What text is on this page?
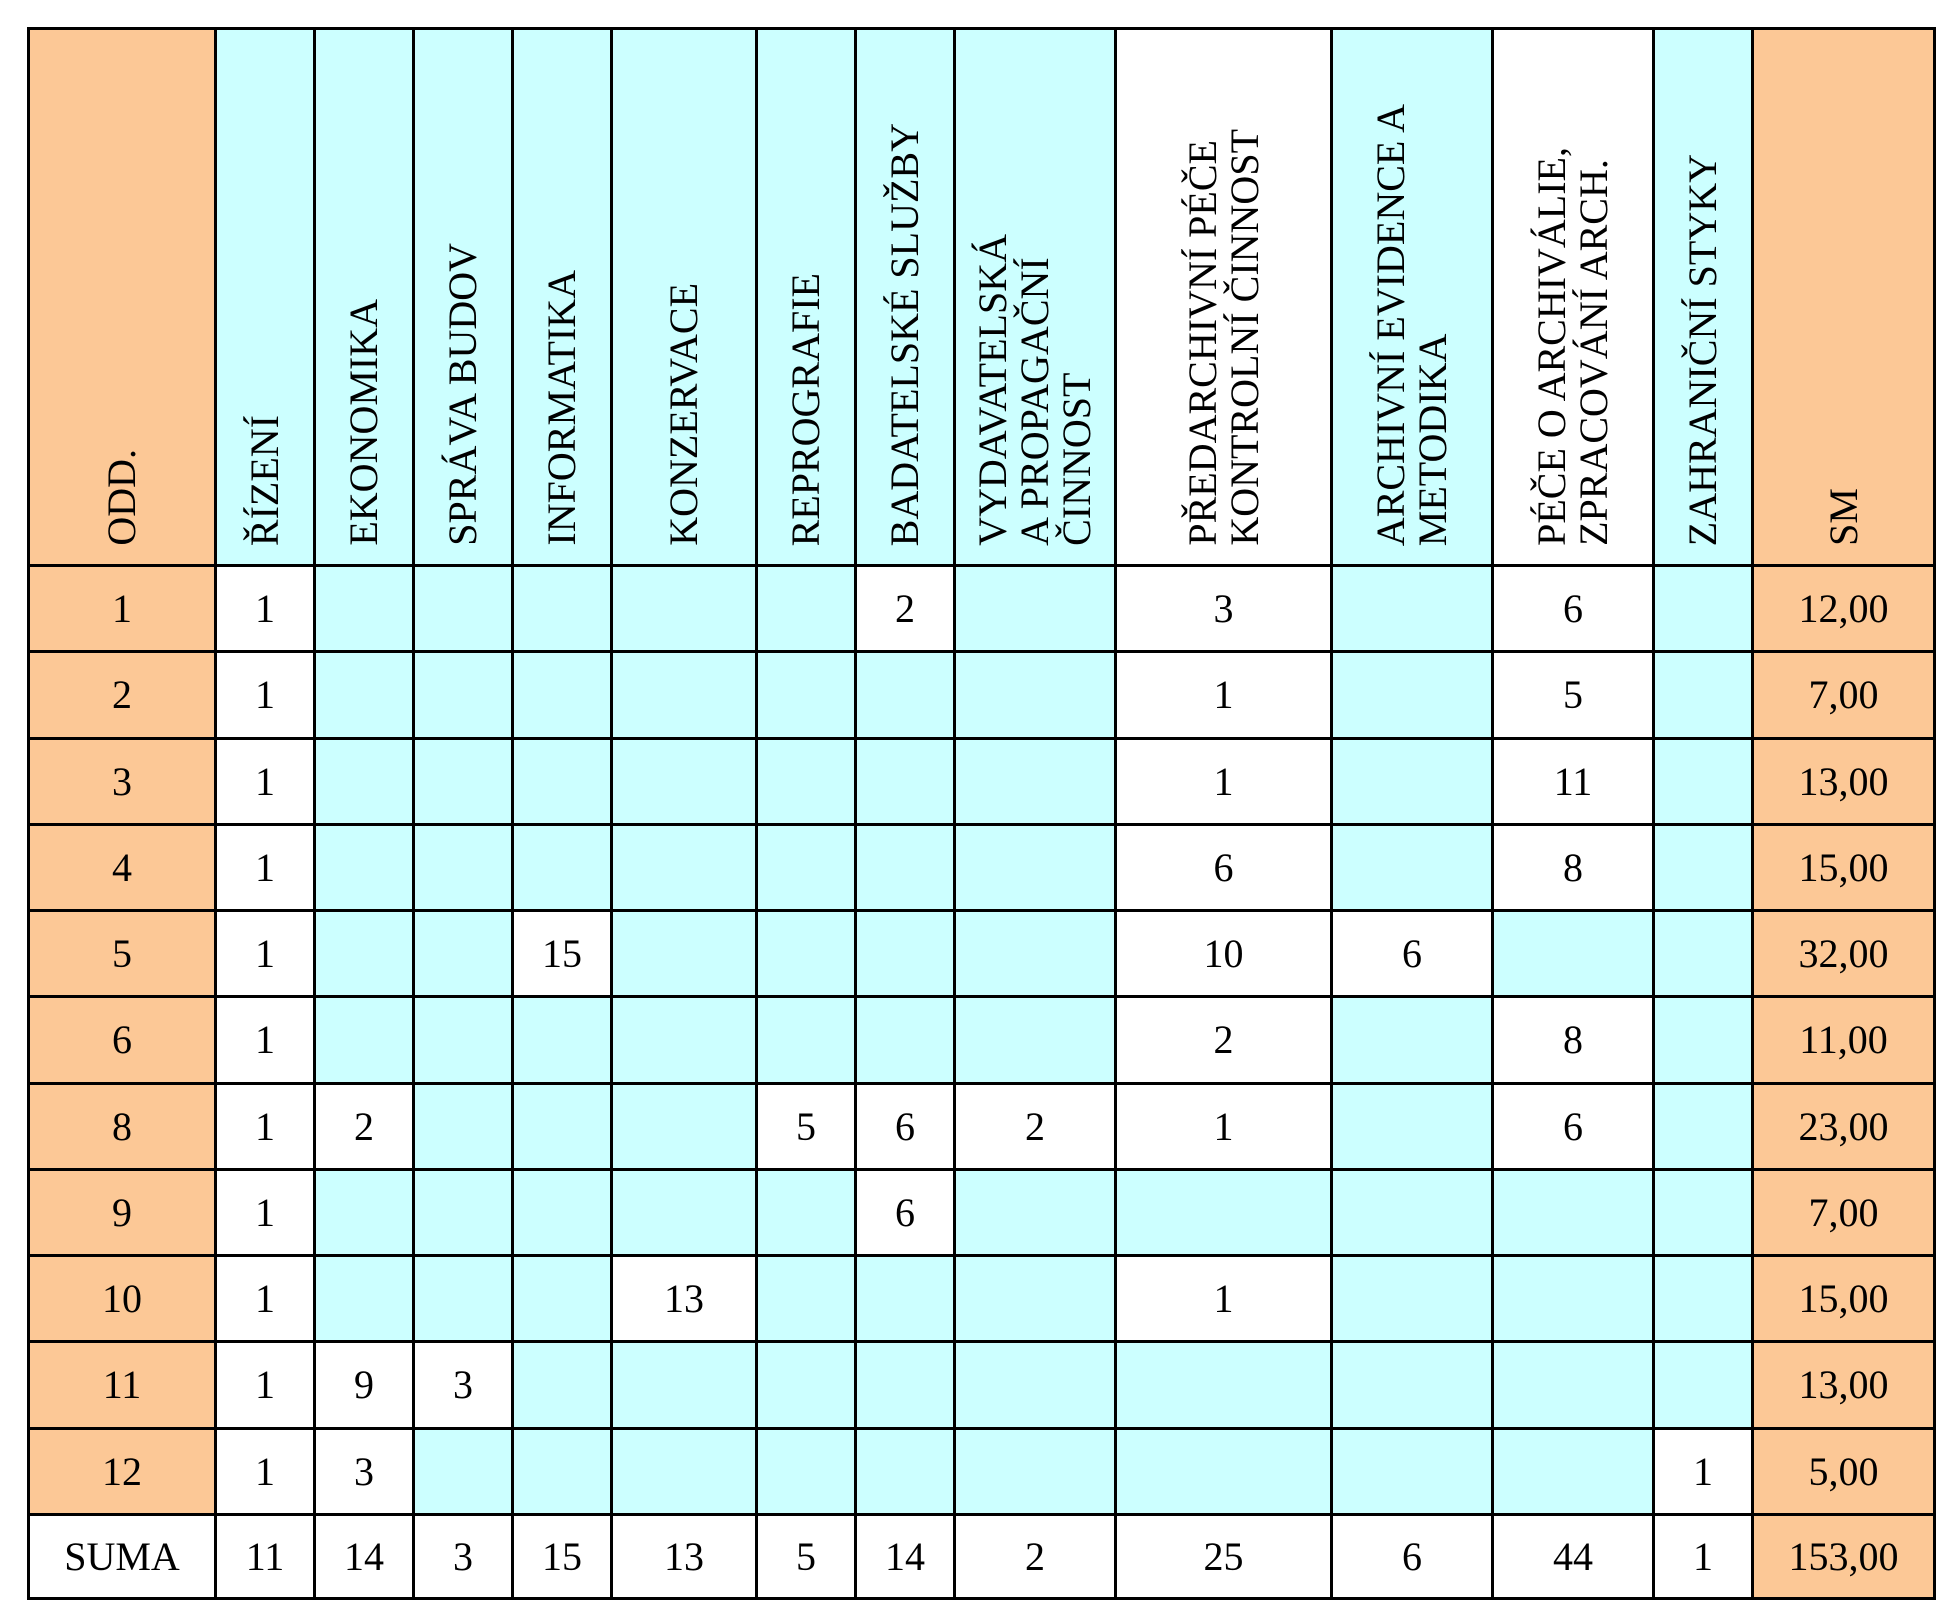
ODD.	ŘÍZENÍ	EKONOMIKA	SPRÁVA BUDOV	INFORMATIKA	KONZERVACE	REPROGRAFIE	BADATELSKÉ SLUŽBY	VYDAVATELSKÁ
A PROPAGAČNÍ
ČINNOST	PŘEDARCHIVNÍ PÉČE
KONTROLNÍ ČINNOST	ARCHIVNÍ EVIDENCE A
METODIKA	PÉČE O ARCHIVÁLIE,
ZPRACOVÁNÍ ARCH.	ZAHRANIČNÍ STYKY	SM
1	1						2		3		6		12,00
2	1								1		5		7,00
3	1								1		11		13,00
4	1								6		8		15,00
5	1			15					10	6			32,00
6	1								2		8		11,00
8	1	2				5	6	2	1		6		23,00
9	1						6						7,00
10	1				13				1				15,00
11	1	9	3										13,00
12	1	3										1	5,00
SUMA	11	14	3	15	13	5	14	2	25	6	44	1	153,00
